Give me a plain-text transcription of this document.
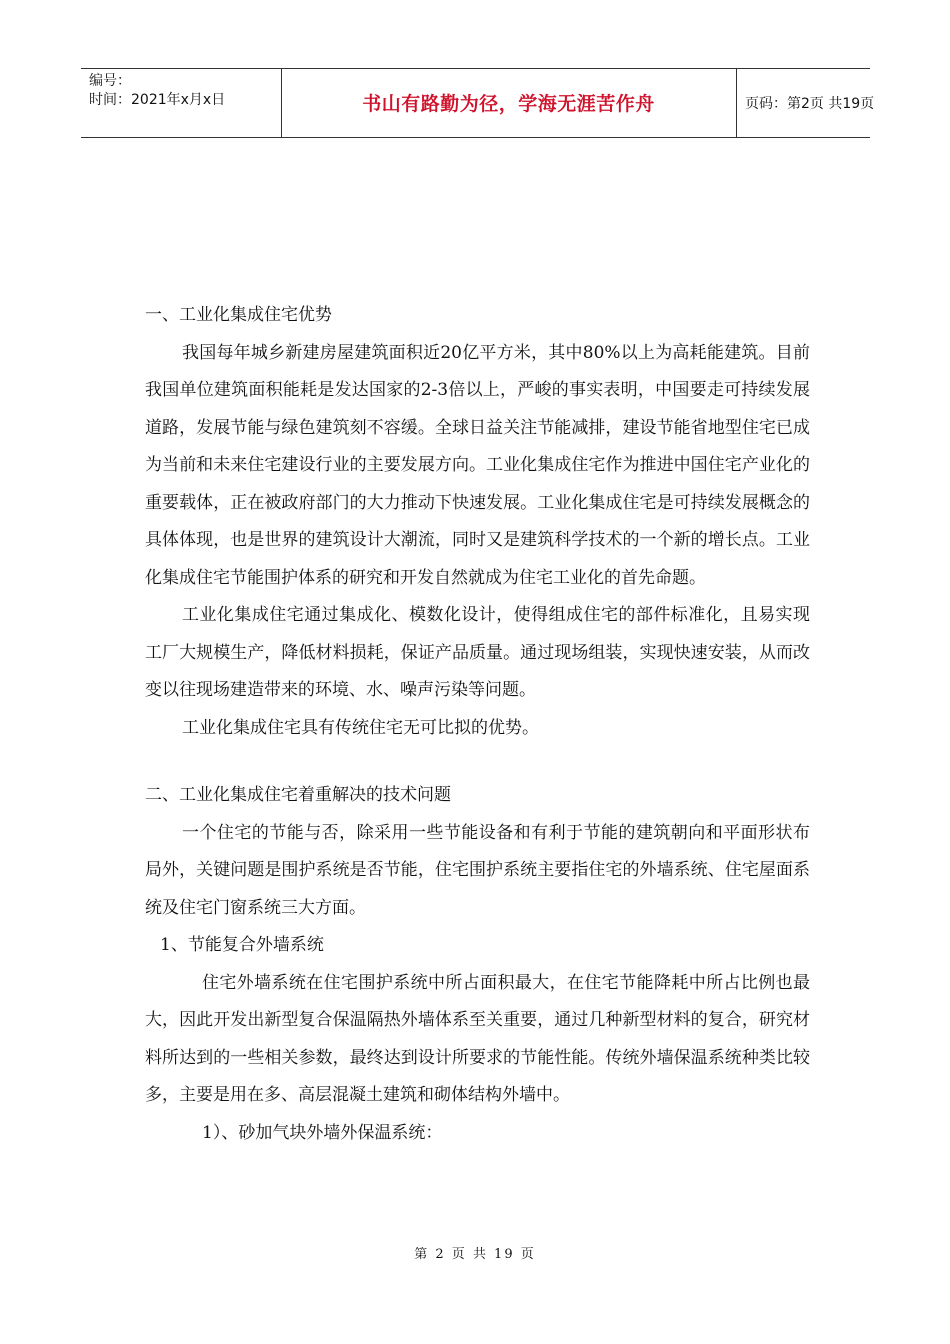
编号：
时间：2021年x月x日	书山有路勤为径，学海无涯苦作舟	页码：第2页 共19页

一、工业化集成住宅优势

我国每年城乡新建房屋建筑面积近20亿平方米，其中80%以上为高耗能建筑。目前我国单位建筑面积能耗是发达国家的2-3倍以上，严峻的事实表明，中国要走可持续发展道路，发展节能与绿色建筑刻不容缓。全球日益关注节能减排，建设节能省地型住宅已成为当前和未来住宅建设行业的主要发展方向。工业化集成住宅作为推进中国住宅产业化的重要载体，正在被政府部门的大力推动下快速发展。工业化集成住宅是可持续发展概念的具体体现，也是世界的建筑设计大潮流，同时又是建筑科学技术的一个新的增长点。工业化集成住宅节能围护体系的研究和开发自然就成为住宅工业化的首先命题。

工业化集成住宅通过集成化、模数化设计，使得组成住宅的部件标准化，且易实现工厂大规模生产，降低材料损耗，保证产品质量。通过现场组装，实现快速安装，从而改变以往现场建造带来的环境、水、噪声污染等问题。

工业化集成住宅具有传统住宅无可比拟的优势。

二、工业化集成住宅着重解决的技术问题

一个住宅的节能与否，除采用一些节能设备和有利于节能的建筑朝向和平面形状布局外，关键问题是围护系统是否节能，住宅围护系统主要指住宅的外墙系统、住宅屋面系统及住宅门窗系统三大方面。

1、节能复合外墙系统

住宅外墙系统在住宅围护系统中所占面积最大，在住宅节能降耗中所占比例也最大，因此开发出新型复合保温隔热外墙体系至关重要，通过几种新型材料的复合，研究材料所达到的一些相关参数，最终达到设计所要求的节能性能。传统外墙保温系统种类比较多，主要是用在多、高层混凝土建筑和砌体结构外墙中。

1）、砂加气块外墙外保温系统：

第 2 页 共 19 页
